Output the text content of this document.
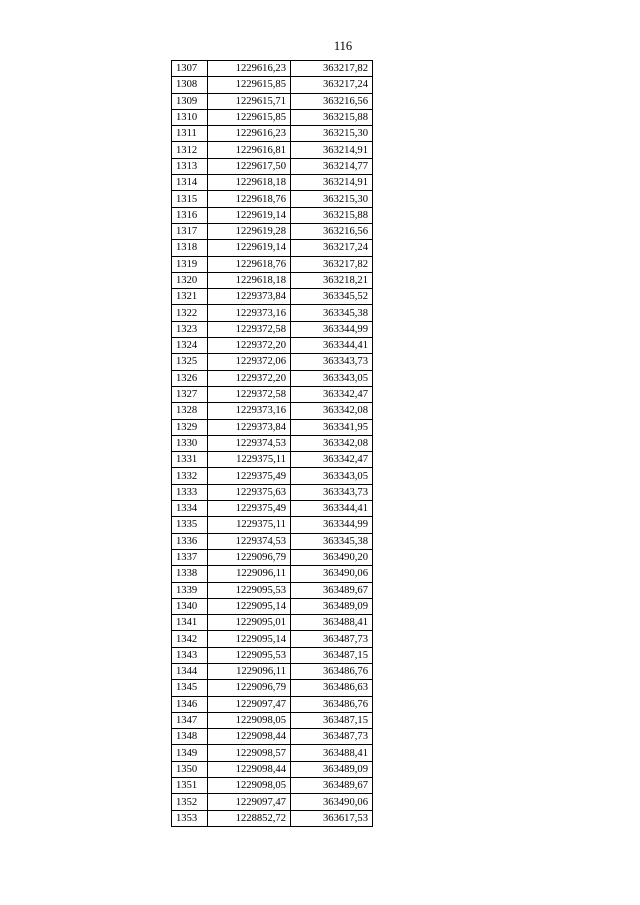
116
1307	1229616,23	363217,82
1308	1229615,85	363217,24
1309	1229615,71	363216,56
1310	1229615,85	363215,88
1311	1229616,23	363215,30
1312	1229616,81	363214,91
1313	1229617,50	363214,77
1314	1229618,18	363214,91
1315	1229618,76	363215,30
1316	1229619,14	363215,88
1317	1229619,28	363216,56
1318	1229619,14	363217,24
1319	1229618,76	363217,82
1320	1229618,18	363218,21
1321	1229373,84	363345,52
1322	1229373,16	363345,38
1323	1229372,58	363344,99
1324	1229372,20	363344,41
1325	1229372,06	363343,73
1326	1229372,20	363343,05
1327	1229372,58	363342,47
1328	1229373,16	363342,08
1329	1229373,84	363341,95
1330	1229374,53	363342,08
1331	1229375,11	363342,47
1332	1229375,49	363343,05
1333	1229375,63	363343,73
1334	1229375,49	363344,41
1335	1229375,11	363344,99
1336	1229374,53	363345,38
1337	1229096,79	363490,20
1338	1229096,11	363490,06
1339	1229095,53	363489,67
1340	1229095,14	363489,09
1341	1229095,01	363488,41
1342	1229095,14	363487,73
1343	1229095,53	363487,15
1344	1229096,11	363486,76
1345	1229096,79	363486,63
1346	1229097,47	363486,76
1347	1229098,05	363487,15
1348	1229098,44	363487,73
1349	1229098,57	363488,41
1350	1229098,44	363489,09
1351	1229098,05	363489,67
1352	1229097,47	363490,06
1353	1228852,72	363617,53
